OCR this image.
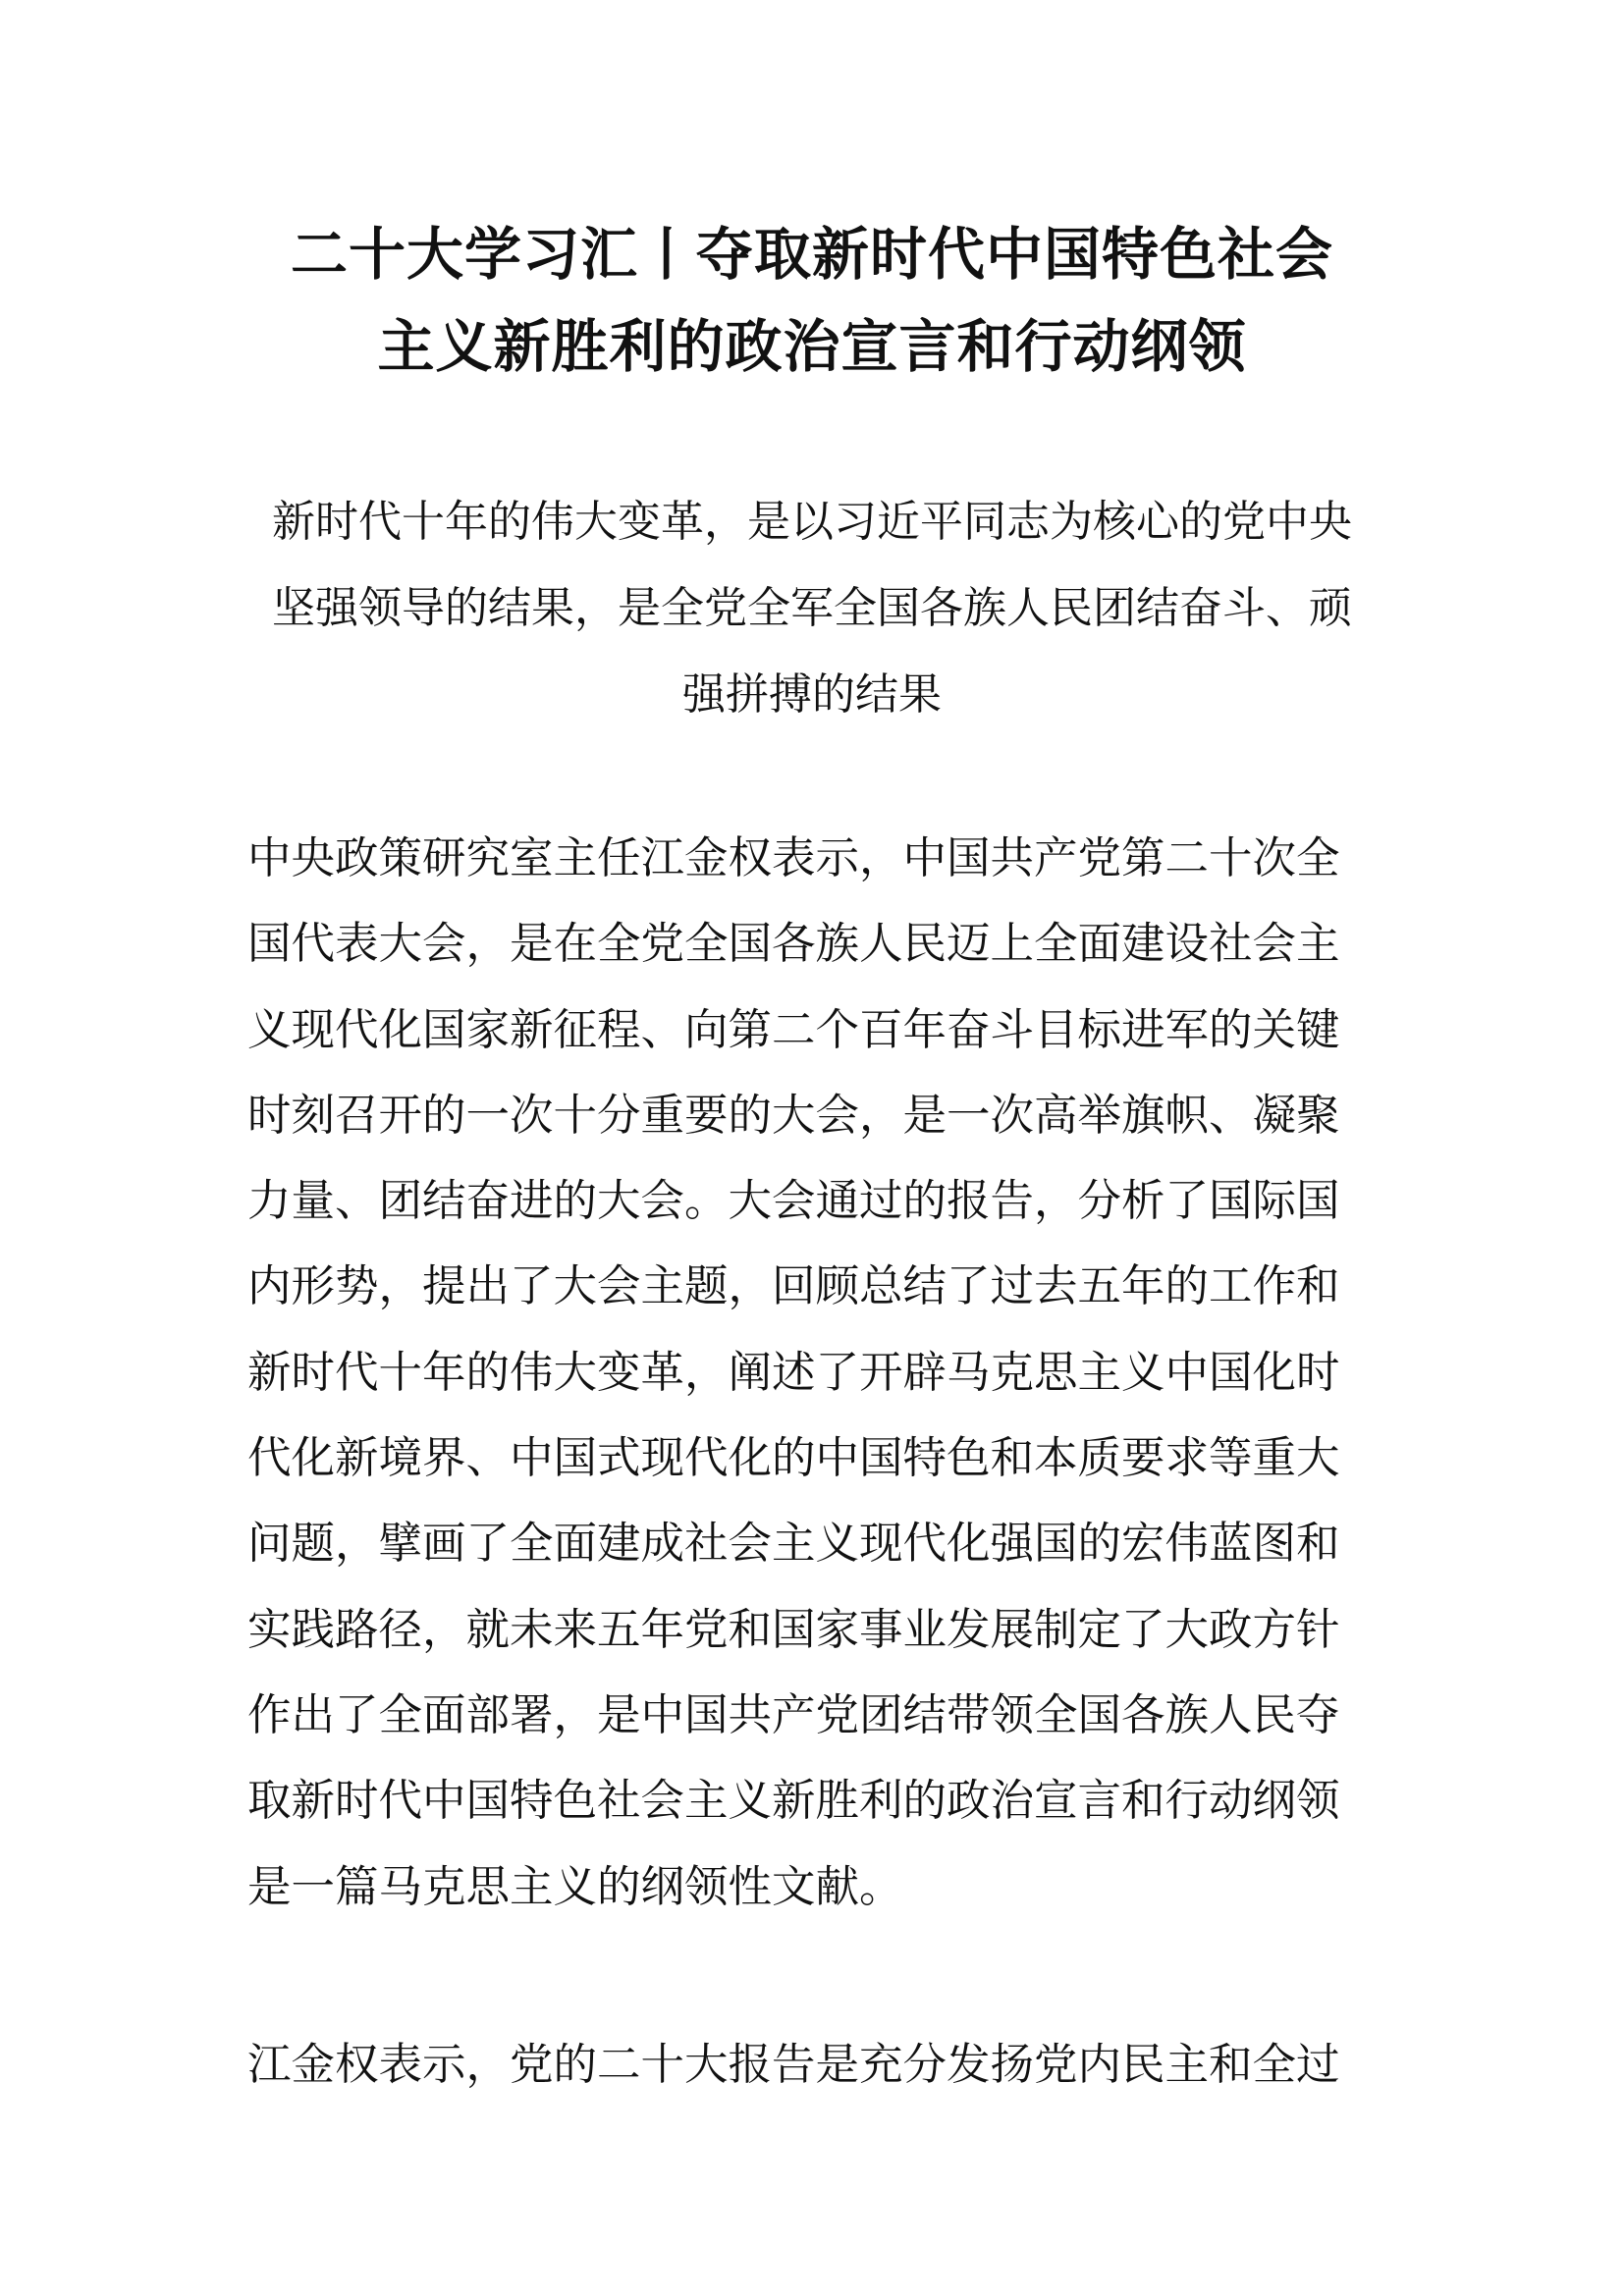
二十大学习汇丨夺取新时代中国特色社会
主义新胜利的政治宣言和行动纲领
新时代十年的伟大变革，是以习近平同志为核心的党中央
坚强领导的结果，是全党全军全国各族人民团结奋斗、顽
强拼搏的结果
中央政策研究室主任江金权表示，中国共产党第二十次全
国代表大会，是在全党全国各族人民迈上全面建设社会主
义现代化国家新征程、向第二个百年奋斗目标进军的关键
时刻召开的一次十分重要的大会，是一次高举旗帜、凝聚
力量、团结奋进的大会。大会通过的报告，分析了国际国
内形势，提出了大会主题，回顾总结了过去五年的工作和
新时代十年的伟大变革，阐述了开辟马克思主义中国化时
代化新境界、中国式现代化的中国特色和本质要求等重大
问题，擘画了全面建成社会主义现代化强国的宏伟蓝图和
实践路径，就未来五年党和国家事业发展制定了大政方针
作出了全面部署，是中国共产党团结带领全国各族人民夺
取新时代中国特色社会主义新胜利的政治宣言和行动纲领
是一篇马克思主义的纲领性文献。
江金权表示，党的二十大报告是充分发扬党内民主和全过
